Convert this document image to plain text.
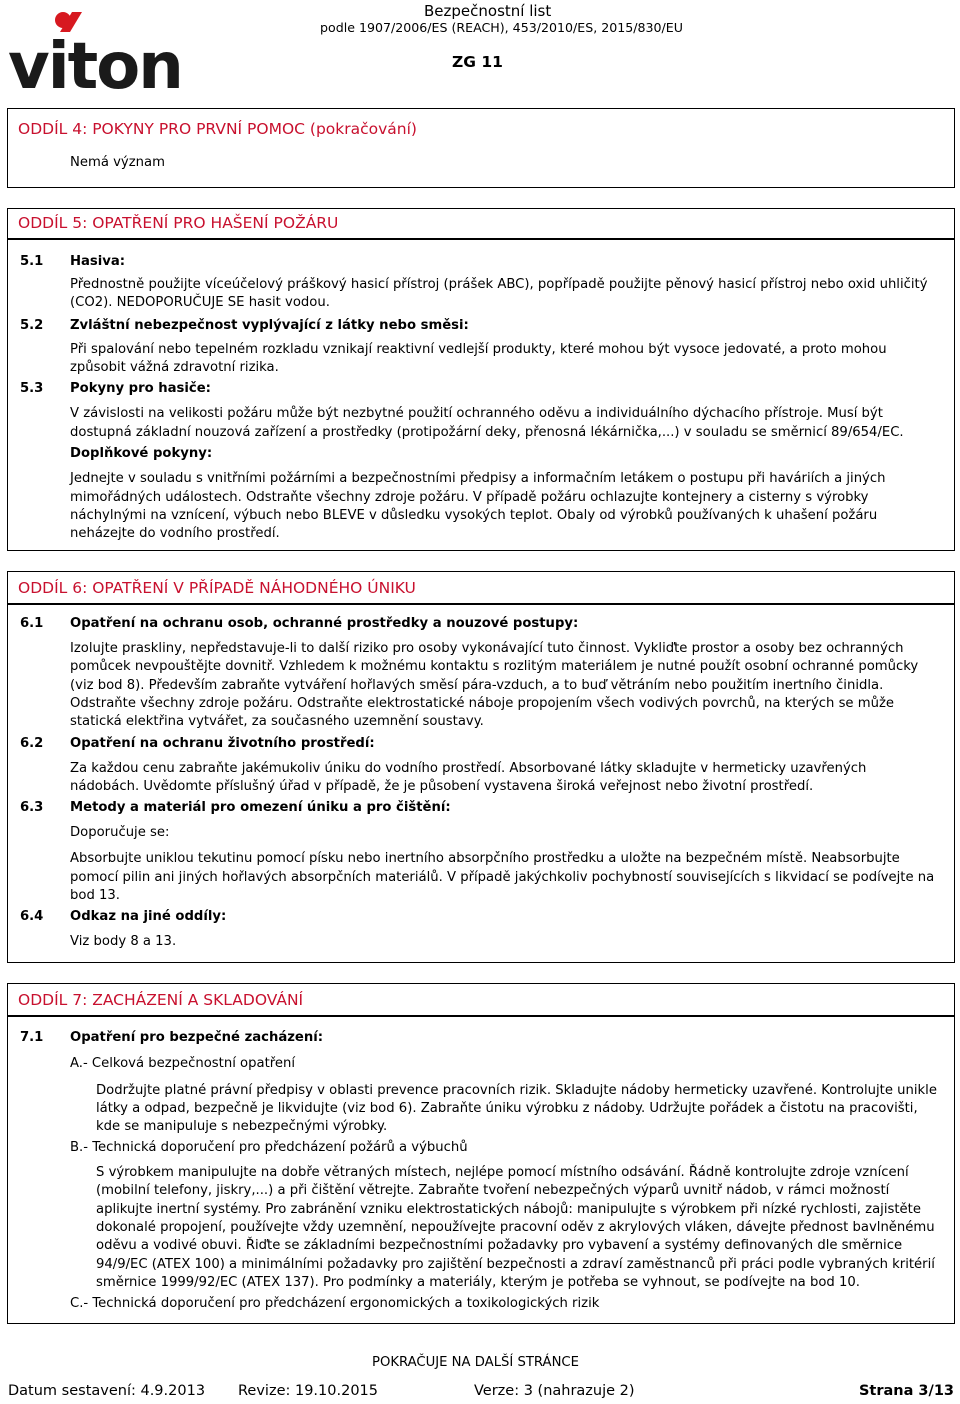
viton
Bezpečnostní list
podle 1907/2006/ES (REACH), 453/2010/ES, 2015/830/EU
ZG 11
ODDÍL 4: POKYNY PRO PRVNÍ POMOC (pokračování)
Nemá význam
ODDÍL 5: OPATŘENÍ PRO HAŠENÍ POŽÁRU
5.1 Hasiva:
Přednostně použijte víceúčelový práškový hasicí přístroj (prášek ABC), popřípadě použijte pěnový hasicí přístroj nebo oxid uhličitý
(CO2). NEDOPORUČUJE SE hasit vodou.
5.2 Zvláštní nebezpečnost vyplývající z látky nebo směsi:
Při spalování nebo tepelném rozkladu vznikají reaktivní vedlejší produkty, které mohou být vysoce jedovaté, a proto mohou
způsobit vážná zdravotní rizika.
5.3 Pokyny pro hasiče:
V závislosti na velikosti požáru může být nezbytné použití ochranného oděvu a individuálního dýchacího přístroje. Musí být
dostupná základní nouzová zařízení a prostředky (protipožární deky, přenosná lékárnička,...) v souladu se směrnicí 89/654/EC.
Doplňkové pokyny:
Jednejte v souladu s vnitřními požárními a bezpečnostními předpisy a informačním letákem o postupu při haváriích a jiných
mimořádných událostech. Odstraňte všechny zdroje požáru. V případě požáru ochlazujte kontejnery a cisterny s výrobky
náchylnými na vznícení, výbuch nebo BLEVE v důsledku vysokých teplot. Obaly od výrobků používaných k uhašení požáru
neházejte do vodního prostředí.
ODDÍL 6: OPATŘENÍ V PŘÍPADĚ NÁHODNÉHO ÚNIKU
6.1 Opatření na ochranu osob, ochranné prostředky a nouzové postupy:
Izolujte praskliny, nepředstavuje-li to další riziko pro osoby vykonávající tuto činnost. Vykliďte prostor a osoby bez ochranných
pomůcek nevpouštějte dovnitř. Vzhledem k možnému kontaktu s rozlitým materiálem je nutné použít osobní ochranné pomůcky
(viz bod 8). Především zabraňte vytváření hořlavých směsí pára-vzduch, a to buď větráním nebo použitím inertního činidla.
Odstraňte všechny zdroje požáru. Odstraňte elektrostatické náboje propojením všech vodivých povrchů, na kterých se může
statická elektřina vytvářet, za současného uzemnění soustavy.
6.2 Opatření na ochranu životního prostředí:
Za každou cenu zabraňte jakémukoliv úniku do vodního prostředí. Absorbované látky skladujte v hermeticky uzavřených
nádobách. Uvědomte příslušný úřad v případě, že je působení vystavena široká veřejnost nebo životní prostředí.
6.3 Metody a materiál pro omezení úniku a pro čištění:
Doporučuje se:
Absorbujte uniklou tekutinu pomocí písku nebo inertního absorpčního prostředku a uložte na bezpečném místě. Neabsorbujte
pomocí pilin ani jiných hořlavých absorpčních materiálů. V případě jakýchkoliv pochybností souvisejících s likvidací se podívejte na
bod 13.
6.4 Odkaz na jiné oddíly:
Viz body 8 a 13.
ODDÍL 7: ZACHÁZENÍ A SKLADOVÁNÍ
7.1 Opatření pro bezpečné zacházení:
A.- Celková bezpečnostní opatření
Dodržujte platné právní předpisy v oblasti prevence pracovních rizik. Skladujte nádoby hermeticky uzavřené. Kontrolujte unikle
látky a odpad, bezpečně je likvidujte (viz bod 6). Zabraňte úniku výrobku z nádoby. Udržujte pořádek a čistotu na pracovišti,
kde se manipuluje s nebezpečnými výrobky.
B.- Technická doporučení pro předcházení požárů a výbuchů
S výrobkem manipulujte na dobře větraných místech, nejlépe pomocí místního odsávání. Řádně kontrolujte zdroje vznícení
(mobilní telefony, jiskry,...) a při čištění větrejte. Zabraňte tvoření nebezpečných výparů uvnitř nádob, v rámci možností
aplikujte inertní systémy. Pro zabránění vzniku elektrostatických nábojů: manipulujte s výrobkem při nízké rychlosti, zajistěte
dokonalé propojení, používejte vždy uzemnění, nepoužívejte pracovní oděv z akrylových vláken, dávejte přednost bavlněnému
oděvu a vodivé obuvi. Řiďte se základními bezpečnostními požadavky pro vybavení a systémy definovaných dle směrnice
94/9/EC (ATEX 100) a minimálními požadavky pro zajištění bezpečnosti a zdraví zaměstnanců při práci podle vybraných kritérií
směrnice 1999/92/EC (ATEX 137). Pro podmínky a materiály, kterým je potřeba se vyhnout, se podívejte na bod 10.
C.- Technická doporučení pro předcházení ergonomických a toxikologických rizik
POKRAČUJE NA DALŠÍ STRÁNCE
Datum sestavení: 4.9.2013 Revize: 19.10.2015	Verze: 3 (nahrazuje 2)	Strana 3/13
